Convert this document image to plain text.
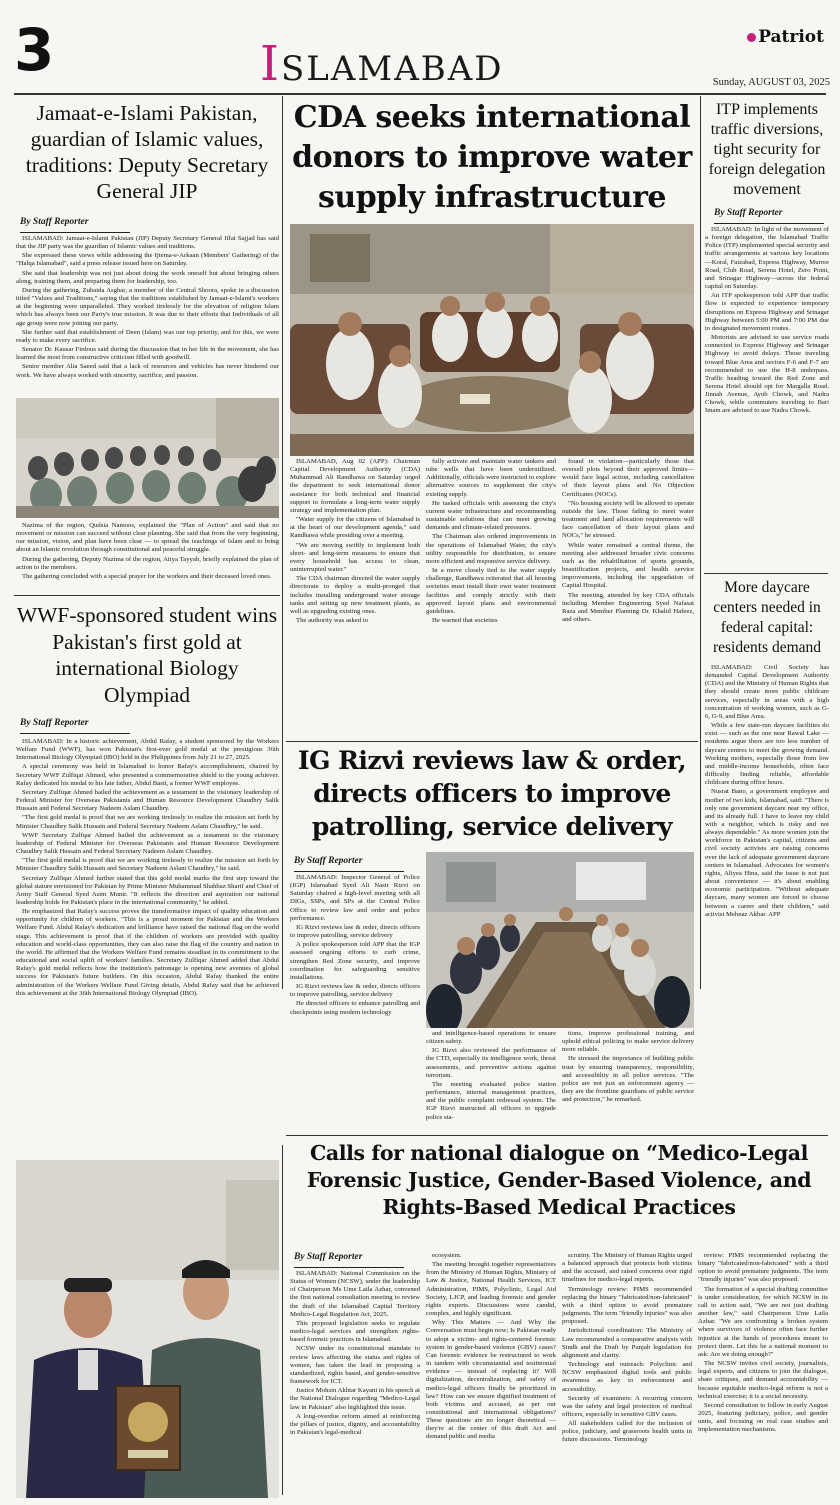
3	ISLAMABAD
Patriot
Sunday, AUGUST 03, 2025
Jamaat-e-Islami Pakistan, guardian of Islamic values, traditions: Deputy Secretary General JIP
By Staff Reporter

ISLAMABAD: Jamaat-e-Islami Pakistan (JIP) Deputy Secretary General Iffat Sajjad has said that the JIP party was the guardian of Islamic values and traditions.

She expressed these views while addressing the Ijtema-e-Arkaan (Members' Gathering) of the "Halqa Islamabad", said a press release issued here on Saturday.

She said that leadership was not just about doing the work oneself but about bringing others along, training them, and preparing them for leadership, too.

During the gathering, Zubaida Asghar, a member of the Central Shoora, spoke in a discussion titled "Values and Traditions," saying that the traditions established by Jamaat-e-Islami's workers at the beginning were unparalleled. They worked tirelessly for the elevation of religion Islam which has always been our Party's true mission. It was due to their efforts that Individuals of all age group were now joining our party.

She further said that establishment of Deen (Islam) was our top priority, and for this, we were ready to make every sacrifice.

Senator Dr. Kausar Firdous said during the discussion that in her life in the movement, she has learned the most from constructive criticism filled with goodwill.

Senior member Alia Saeed said that a lack of resources and vehicles has never hindered our work. We have always worked with sincerity, sacrifice, and passion.

Nazima of the region, Qudsia Namoos, explained the "Plan of Action" and said that no movement or mission can succeed without clear planning. She said that from the very beginning, our mission, vision, and plan have been clear — to spread the teachings of Islam and to bring about an Islamic revolution through constitutional and peaceful struggle.

During the gathering, Deputy Nazima of the region, Atiya Tayyab, briefly explained the plan of action to the members.

The gathering concluded with a special prayer for the workers and their deceased loved ones.

WWF-sponsored student wins Pakistan's first gold at international Biology Olympiad
By Staff Reporter

ISLAMABAD: In a historic achievement, Abdul Rafay, a student sponsored by the Workers Welfare Fund (WWF), has won Pakistan's first-ever gold medal at the prestigious 36th International Biology Olympiad (IBO) held in the Philippines from July 21 to 27, 2025.

A special ceremony was held in Islamabad to honor Rafay's accomplishment, chaired by Secretary WWF Zulfiqar Ahmed, who presented a commemorative shield to the young achiever. Rafay dedicated his medal to his late father, Abdul Basit, a former WWF employee.

Secretary Zulfiqar Ahmed hailed the achievement as a testament to the visionary leadership of Federal Minister for Overseas Pakistanis and Human Resource Development Chaudhry Salik Hussain and Federal Secretary Nadeem Aslam Chaudhry.

"The first gold medal is proof that we are working tirelessly to realize the mission set forth by Minister Chaudhry Salik Hussain and Federal Secretary Nadeem Aslam Chaudhry," he said.

WWF Secretary Zulfqar Ahmed hailed the achievement as a testament to the visionary leadership of Federal Minister for Overseas Pakistanis and Human Resource Development Chaudhry Salik Hussain and Federal Secretary Nadeem Aslam Chaudhry.

"The first gold medal is proof that we are working tirelessly to realize the mission set forth by Minister Chaudhry Salik Hussain and Secretary Nadeem Aslam Chaudhry," he said.

Secretary Zulfiqar Ahmed further stated that this gold medal marks the first step toward the global stature envisioned for Pakistan by Prime Minister Muhammad Shahbaz Sharif and Chief of Army Staff General Syed Asim Munir. "It reflects the direction and aspiration our national leadership holds for Pakistan's place in the international community," he added.

He emphasized that Rafay's success proves the transformative impact of quality education and opportunity for children of workers. "This is a proud moment for Pakistan and the Workers Welfare Fund. Abdul Rafay's dedication and brilliance have raised the national flag on the world stage. This achievement is proof that if the children of workers are provided with quality education and world-class opportunities, they can also raise the flag of the country and nation in the world. He affirmed that the Workers Welfare Fund remains steadfast in its commitment to the educational and social uplift of workers' families. Secretary Zulfiqar Ahmed added that Abdul Rafay's gold medal reflects how the institution's patronage is opening new avenues of global success for Pakistan's future builders. On this occasion, Abdul Rafay thanked the entire administration of the Workers Welfare Fund Giving details, Abdul Rafay said that he achieved this achievement at the 36th International Biology Olympiad (IBO).

CDA seeks international donors to improve water supply infrastructure

ISLAMABAD, Aug 02 (APP): Chairman Capital Development Authority (CDA) Muhammad Ali Randhawa on Saturday urged the department to seek international donor assistance for both technical and financial support to formulate a long-term water supply strategy and implementation plan.

"Water supply for the citizens of Islamabad is at the heart of our development agenda," said Randhawa while presiding over a meeting.

"We are moving swiftly to implement both short- and long-term measures to ensure that every household has access to clean, uninterrupted water."

The CDA chairman directed the water supply directorate to deploy a multi-pronged that includes installing underground water storage tanks and setting up new treatment plants, as well as upgrading existing ones.

The authority was asked to

fully activate and maintain water tankers and tube wells that have been underutilized. Additionally, officials were instructed to explore alternative sources to supplement the city's existing supply.

He tasked officials with assessing the city's current water infrastructure and recommending sustainable solutions that can meet growing demands and climate-related pressures.

The Chairman also ordered improvements in the operations of Islamabad Water, the city's utility responsible for distribution, to ensure more efficient and responsive service delivery.

In a move closely tied to the water supply challenge, Randhawa reiterated that all housing societies must install their own water treatment facilities and comply strictly with their approved layout plans and environmental guidelines.

He warned that societies

found in violation—particularly those that oversell plots beyond their approved limits—would face legal action, including cancellation of their layout plans and No Objection Certificates (NOCs).

"No housing society will be allowed to operate outside the law. Those failing to meet water treatment and land allocation requirements will face cancellation of their layout plans and NOCs," he stressed.

While water remained a central theme, the meeting also addressed broader civic concerns such as the rehabilitation of sports grounds, beautification projects, and health service improvements, including the upgradation of Capital Hospital.

The meeting, attended by key CDA officials including Member Engineering Syed Nafasat Raza and Member Planning Dr. Khalid Hafeez, and others.

IG Rizvi reviews law & order, directs officers to improve patrolling, service delivery
By Staff Reporter

ISLAMABAD: Inspector General of Police (IGP) Islamabad Syed Ali Nasir Rizvi on Saturday chaired a high-level meeting with all DIGs, SSPs, and SPs at the Central Police Office to review law and order and police performance.

IG Rizvi reviews law & order, directs officers to improve patrolling, service delivery

A police spokesperson told APP that the IGP assessed ongoing efforts to curb crime, strengthen Red Zone security, and improve coordination for safeguarding sensitive installations.

IG Rizvi reviews law & order, directs officers to improve patrolling, service delivery

He directed officers to enhance patrolling and checkpoints using modern technology

and intelligence-based operations to ensure citizen safety.

IG Rizvi also reviewed the performance of the CTD, especially its intelligence work, threat assessments, and preventive actions against terrorism.

The meeting evaluated police station performance, internal management practices, and the public complaint redressal system. The IGP Rizvi instructed all officers to upgrade police sta-

tions, improve professional training, and uphold ethical policing to make service delivery more reliable.

He stressed the importance of building public trust by ensuring transparency, responsibility, and accessibility in all police services. "The police are not just an enforcement agency — they are the frontline guardians of public service and protection," he remarked.

ITP implements traffic diversions, tight security for foreign delegation movement
By Staff Reporter

ISLAMABAD: In light of the movement of a foreign delegation, the Islamabad Traffic Police (ITP) implemented special security and traffic arrangements at various key locations—Koral, Faizabad, Express Highway, Murree Road, Club Road, Serena Hotel, Zero Point, and Srinagar Highway—across the federal capital on Saturday.

An ITP spokesperson told APP that traffic flow is expected to experience temporary disruptions on Express Highway and Srinagar Highway between 5:00 PM and 7:00 PM due to designated movement routes.

Motorists are advised to use service roads connected to Express Highway and Srinagar Highway to avoid delays. Those traveling toward Blue Area and sectors F-6 and F-7 are recommended to use the H-8 underpass. Traffic heading toward the Red Zone and Serena Hotel should opt for Margalla Road. Jinnah Avenue, Ayub Chowk, and Nadra Chowk, while commuters traveling to Bari Imam are advised to use Nadra Chowk.

More daycare centers needed in federal capital: residents demand

ISLAMABAD: Civil Society has demanded Capital Development Authority (CDA) and the Ministry of Human Rights that they should create more public childcare services, especially in areas with a high concentration of working women, such as G-6, G-9, and Blue Area.

While a few state-run daycare facilities do exist — such as the one near Rawal Lake — residents argue there are too less number of daycare centres to meet the growing demand. Working mothers, especially those from low and middle-income households, often face difficulty finding reliable, affordable childcare during office hours.

Nusrat Bano, a government employee and mother of two kids, Islamabad, said: "There is only one government daycare near my office, and its already full. I have to leave my child with a neighbor, which is risky and not always dependable." As more women join the workforce in Pakistan's capital, citizens and civil society activists are raising concerns over the lack of adequate government daycare centers in Islamabad. Advocates for women's rights, Aliyea Hina, said the issue is not just about convenience — it's about enabling economic participation. "Without adequate daycare, many women are forced to choose between a career and their children," said activist Mehnaz Akbar. APP

Calls for national dialogue on “Medico-Legal Forensic Justice, Gender-Based Violence, and Rights-Based Medical Practices
By Staff Reporter

ISLAMABAD: National Commission on the Status of Women (NCSW), under the leadership of Chairperson Ms Ume Laila Azhar, convened the first national consultation meeting to review the draft of the Islamabad Capital Territory Medico-Legal Regulation Act, 2025.

This proposed legislation seeks to regulate medico-legal services and strengthen rights-based forensic practices in Islamabad.

NCSW under its constitutional mandate to review laws affecting the status and rights of women, has taken the lead in proposing a standardized, rights based, and gender-sensitive framework for ICT.

Justice Mohsin Akhtar Kayani in his speech at the National Dialogue regarding "Medico-Legal law in Pakistan" also highlighted this issue.

A long-overdue reform aimed at reinforcing the pillars of justice, dignity, and accountability in Pakistan's legal-medical

ecosystem.

The meeting brought together representatives from the Ministry of Human Rights, Ministry of Law & Justice, National Health Services, ICT Administration, PIMS, Polyclinic, Legal Aid Society, LJCP, and leading forensic and gender rights experts. Discussions were candid, complex, and highly significant.

Why This Matters — And Why the Conversation must begin now; Is Pakistan ready to adopt a victim- and rights-centered forensic system in gender-based violence (GBV) cases? Can forensic evidence be restructured to work in tandem with circumstantial and testimonial evidence — instead of replacing it? Will digitalization, decentralization, and safety of medico-legal officers finally be prioritized in law? How can we ensure dignified treatment of both victims and accused, as per our constitutional and international obligations? These questions are no longer theoretical — they're at the center of this draft Act and demand public and media

scrutiny. The Ministry of Human Rights urged a balanced approach that protects both victims and the accused, and raised concerns over rigid timelines for medico-legal reports.

Terminology review: PIMS recommended replacing the binary "fabricated/non-fabricated" with a third option to avoid premature judgments. The term "friendly injuries" was also proposed.

Jurisdictional coordination: The Ministry of Law recommended a comparative analysis with Sindh and the Draft by Punjab legislation for alignment and clarity.

Technology and outreach: Polyclinic and NCSW emphasized digital tools and public awareness as key to enforcement and accessibility.

Security of examiners: A recurring concern was the safety and legal protection of medical officers, especially in sensitive GBV cases.

All stakeholders called for the inclusion of police, judiciary, and grassroots health units in future discussions. Terminology

review: PIMS recommended replacing the binary "fabricated/non-fabricated" with a third option to avoid premature judgments. The term "friendly injuries" was also proposed.

The formation of a special drafting committee is under consideration, for which NCSW in its call to action said, "We are not just drafting another law," said Chairperson Ume Laila Azhar. "We are confronting a broken system where survivors of violence often face further injustice at the hands of procedures meant to protect them. Let this be a national moment to ask: Are we doing enough?"

The NCSW invites civil society, journalists, legal experts, and citizens to join the dialogue, share critiques, and demand accountability — because equitable medico-legal reform is not a technical exercise; it is a social necessity.

Second consultation to follow in early August 2025, featuring judiciary, police, and gender units, and focusing on real case studies and implementation mechanisms.
